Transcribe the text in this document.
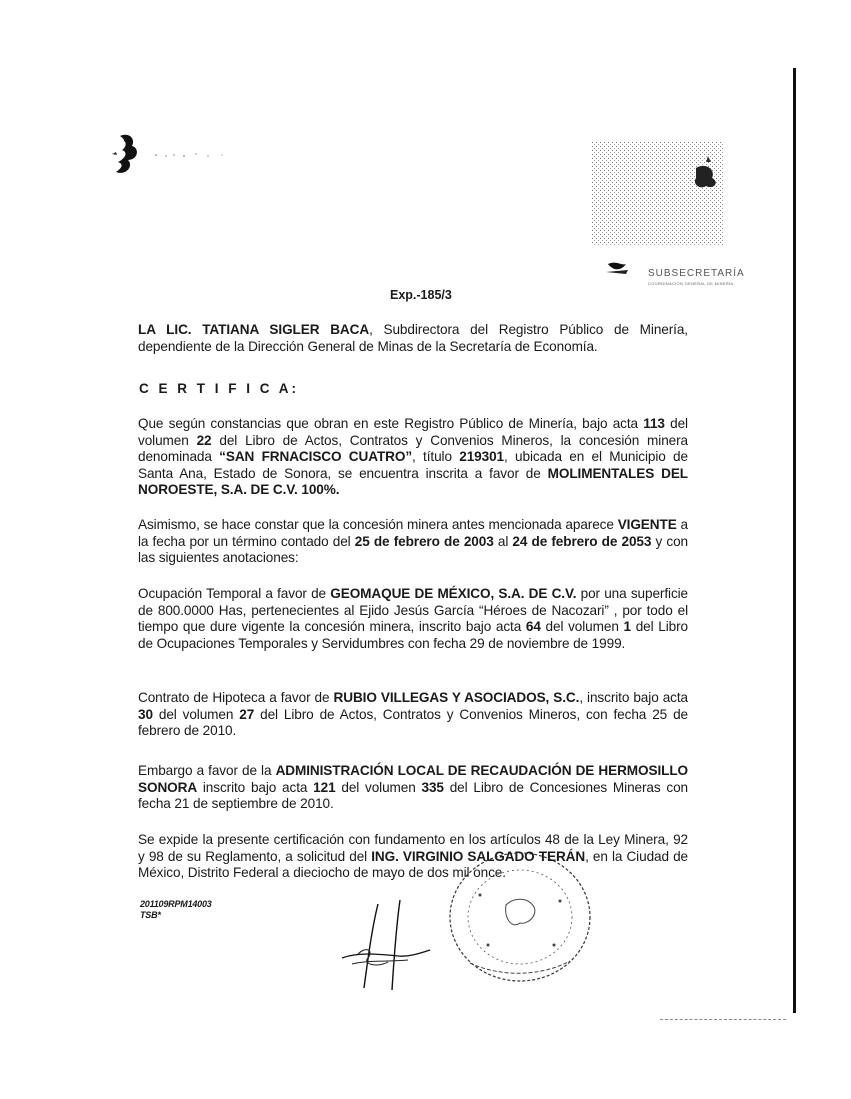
SUBSECRETARÍA
COORDINACIÓN GENERAL DE MINERÍA
Exp.-185/3
LA LIC. TATIANA SIGLER BACA, Subdirectora del Registro Público de Minería, dependiente de la Dirección General de Minas de la Secretaría de Economía.
C E R T I F I C A:
Que según constancias que obran en este Registro Público de Minería, bajo acta 113 del volumen 22 del Libro de Actos, Contratos y Convenios Mineros, la concesión minera denominada “SAN FRNACISCO CUATRO”, título 219301, ubicada en el Municipio de Santa Ana, Estado de Sonora, se encuentra inscrita a favor de MOLIMENTALES DEL NOROESTE, S.A. DE C.V. 100%.
Asimismo, se hace constar que la concesión minera antes mencionada aparece VIGENTE a la fecha por un término contado del 25 de febrero de 2003 al 24 de febrero de 2053 y con las siguientes anotaciones:
Ocupación Temporal a favor de GEOMAQUE DE MÉXICO, S.A. DE C.V. por una superficie de 800.0000 Has, pertenecientes al Ejido Jesús García “Héroes de Nacozari” , por todo el tiempo que dure vigente la concesión minera, inscrito bajo acta 64 del volumen 1 del Libro de Ocupaciones Temporales y Servidumbres con fecha 29 de noviembre de 1999.
Contrato de Hipoteca a favor de RUBIO VILLEGAS Y ASOCIADOS, S.C., inscrito bajo acta 30 del volumen 27 del Libro de Actos, Contratos y Convenios Mineros, con fecha 25 de febrero de 2010.
Embargo a favor de la ADMINISTRACIÓN LOCAL DE RECAUDACIÓN DE HERMOSILLO SONORA inscrito bajo acta 121 del volumen 335 del Libro de Concesiones Mineras con fecha 21 de septiembre de 2010.
Se expide la presente certificación con fundamento en los artículos 48 de la Ley Minera, 92 y 98 de su Reglamento, a solicitud del ING. VIRGINIO SALGADO TERÁN, en la Ciudad de México, Distrito Federal a dieciocho de mayo de dos mil once.
201109RPM14003
TSB*
